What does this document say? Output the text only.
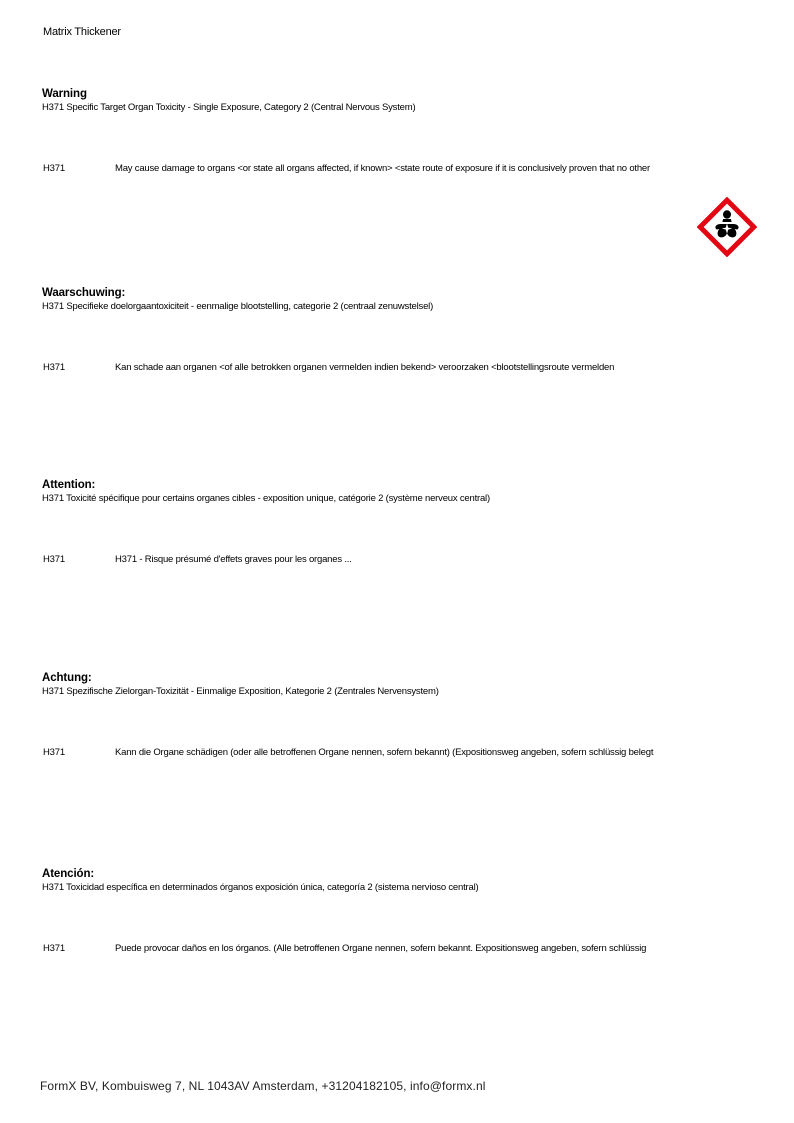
Matrix Thickener
Warning
H371 Specific Target Organ Toxicity - Single Exposure, Category 2 (Central Nervous System)
H371	May cause damage to organs <or state all organs affected, if known> <state route of exposure if it is conclusively proven that no other
Waarschuwing:
H371 Specifieke doelorgaantoxiciteit - eenmalige blootstelling, categorie 2 (centraal zenuwstelsel)
H371	Kan schade aan organen <of alle betrokken organen vermelden indien bekend> veroorzaken <blootstellingsroute vermelden
Attention:
H371 Toxicité spécifique pour certains organes cibles - exposition unique, catégorie 2 (système nerveux central)
H371	H371 - Risque présumé d'effets graves pour les organes ...
Achtung:
H371 Spezifische Zielorgan-Toxizität - Einmalige Exposition, Kategorie 2 (Zentrales Nervensystem)
H371	Kann die Organe schädigen (oder alle betroffenen Organe nennen, sofern bekannt) (Expositionsweg angeben, sofern schlüssig belegt
Atención:
H371 Toxicidad específica en determinados órganos exposición única, categoría 2 (sistema nervioso central)
H371	Puede provocar daños en los órganos. (Alle betroffenen Organe nennen, sofern bekannt. Expositionsweg angeben, sofern schlüssig
FormX BV, Kombuisweg 7, NL 1043AV Amsterdam, +31204182105, info@formx.nl
